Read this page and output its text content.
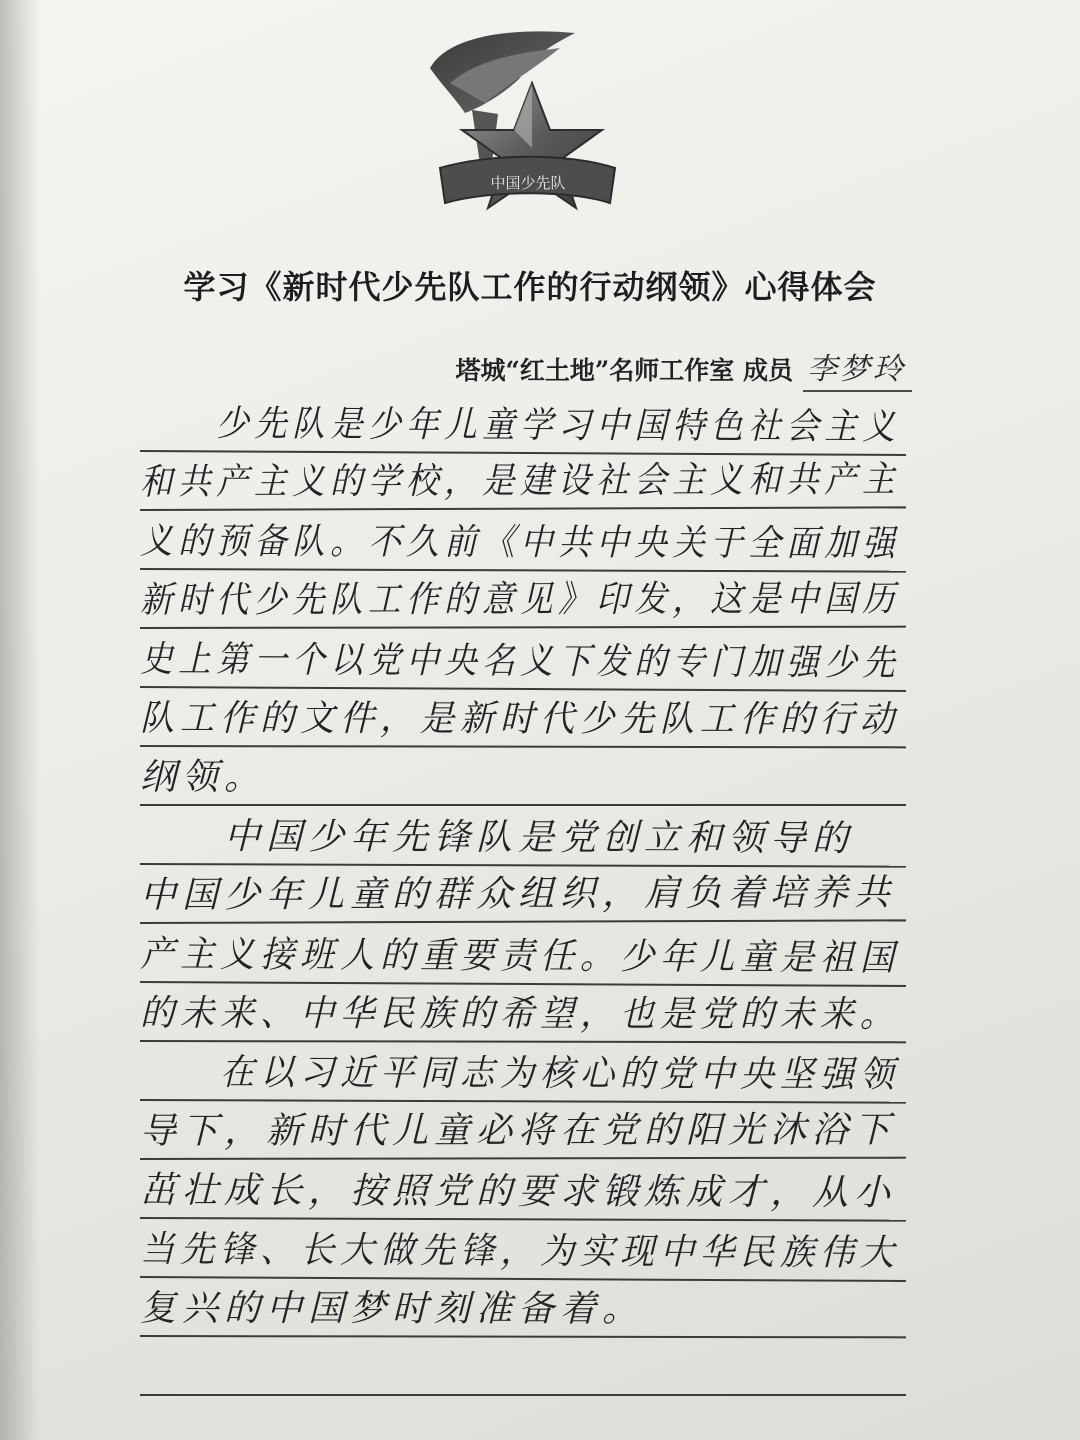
中国少先队
学习《新时代少先队工作的行动纲领》心得体会
塔城“红土地”名师工作室 成员 李梦玲
　　少先队是少年儿童学习中国特色社会主义
和共产主义的学校，是建设社会主义和共产主
义的预备队。不久前《中共中央关于全面加强
新时代少先队工作的意见》印发，这是中国历
史上第一个以党中央名义下发的专门加强少先
队工作的文件，是新时代少先队工作的行动
纲领。
　　中国少年先锋队是党创立和领导的
中国少年儿童的群众组织，肩负着培养共
产主义接班人的重要责任。少年儿童是祖国
的未来、中华民族的希望，也是党的未来。
　　在以习近平同志为核心的党中央坚强领
导下，新时代儿童必将在党的阳光沐浴下
茁壮成长，按照党的要求锻炼成才，从小
当先锋、长大做先锋，为实现中华民族伟大
复兴的中国梦时刻准备着。
